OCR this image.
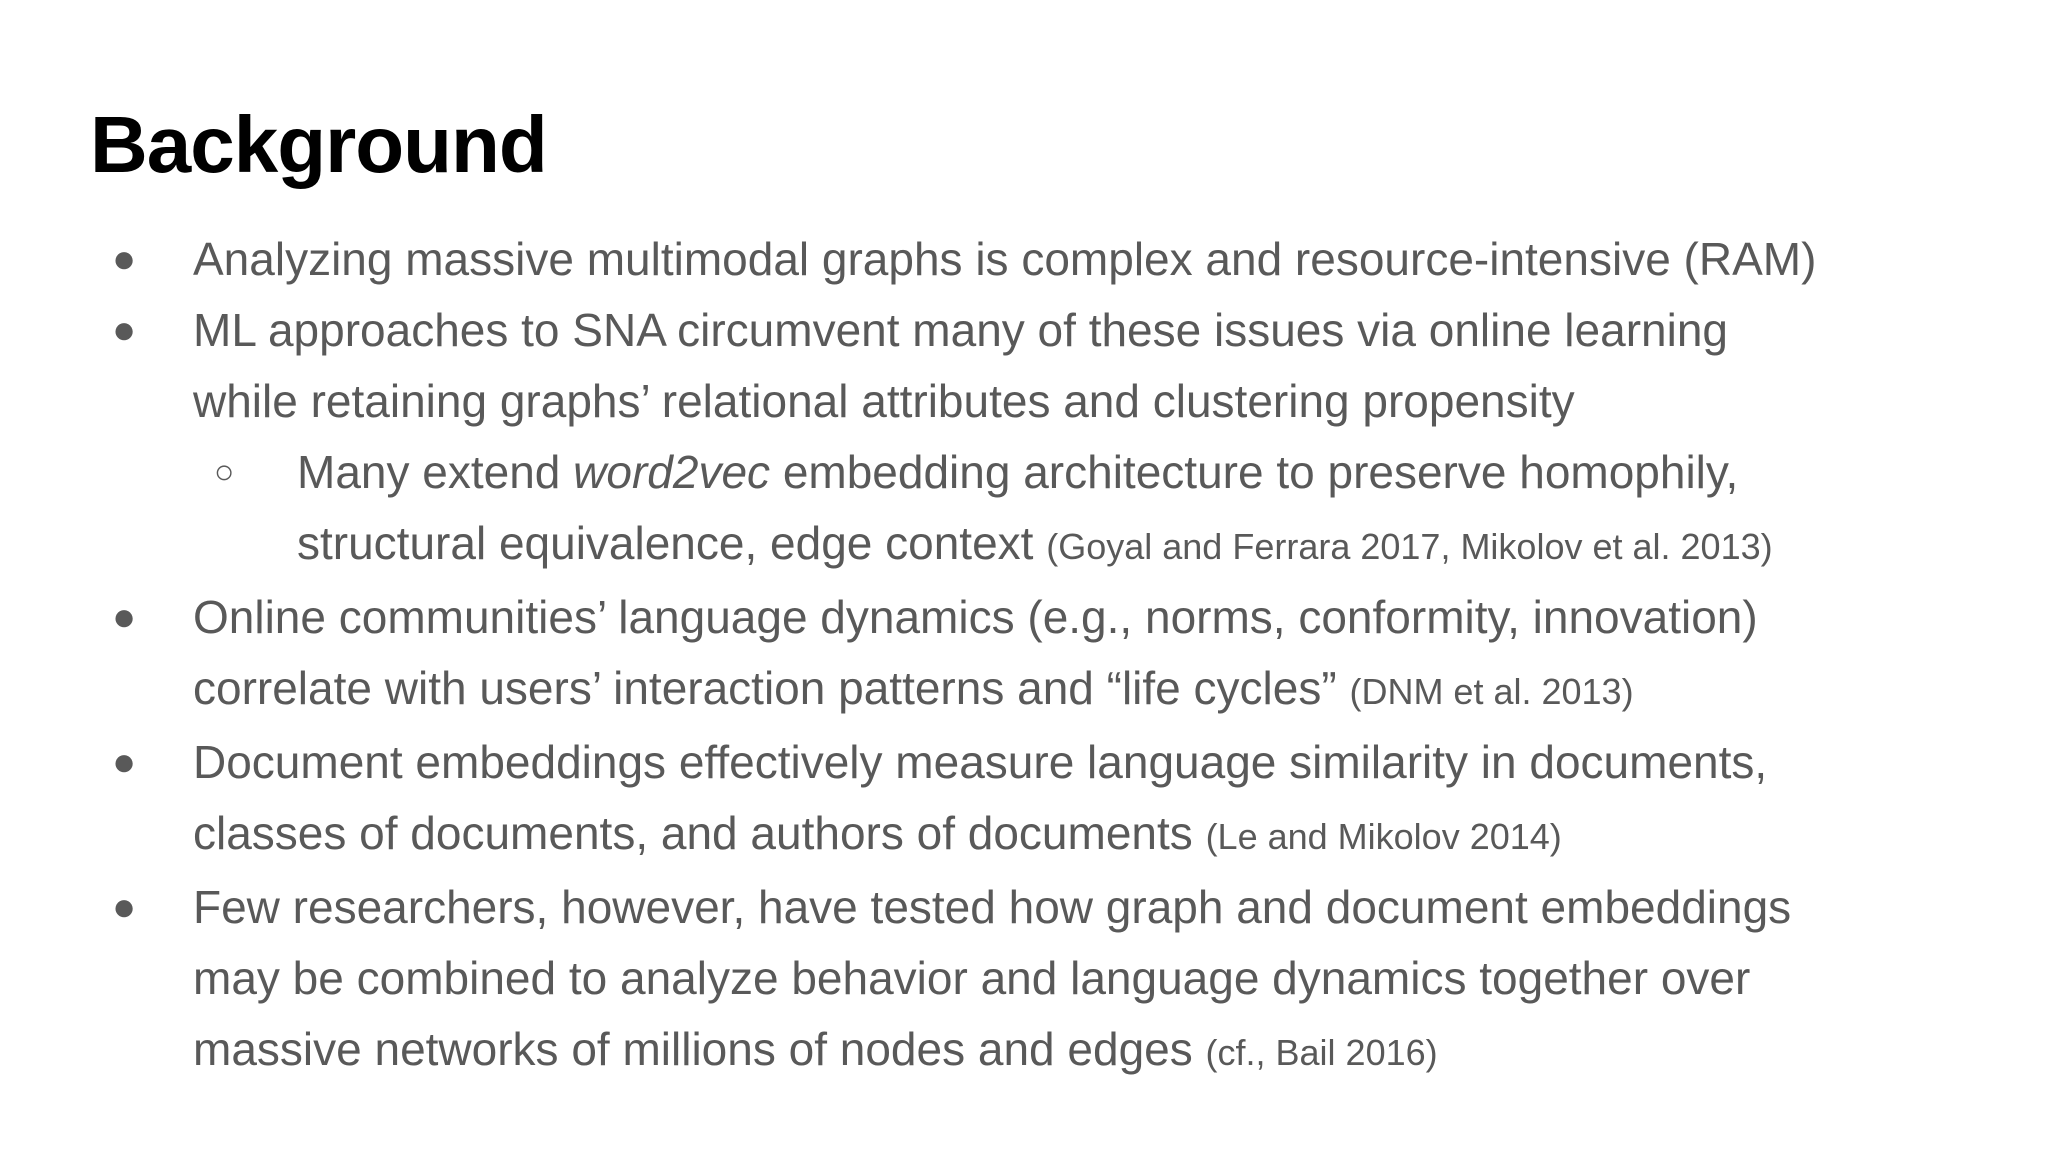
Background
● Analyzing massive multimodal graphs is complex and resource-intensive (RAM)
● ML approaches to SNA circumvent many of these issues via online learning
while retaining graphs’ relational attributes and clustering propensity
○ Many extend word2vec embedding architecture to preserve homophily,
structural equivalence, edge context (Goyal and Ferrara 2017, Mikolov et al. 2013)
● Online communities’ language dynamics (e.g., norms, conformity, innovation)
correlate with users’ interaction patterns and “life cycles” (DNM et al. 2013)
● Document embeddings effectively measure language similarity in documents,
classes of documents, and authors of documents (Le and Mikolov 2014)
● Few researchers, however, have tested how graph and document embeddings
may be combined to analyze behavior and language dynamics together over
massive networks of millions of nodes and edges (cf., Bail 2016)
